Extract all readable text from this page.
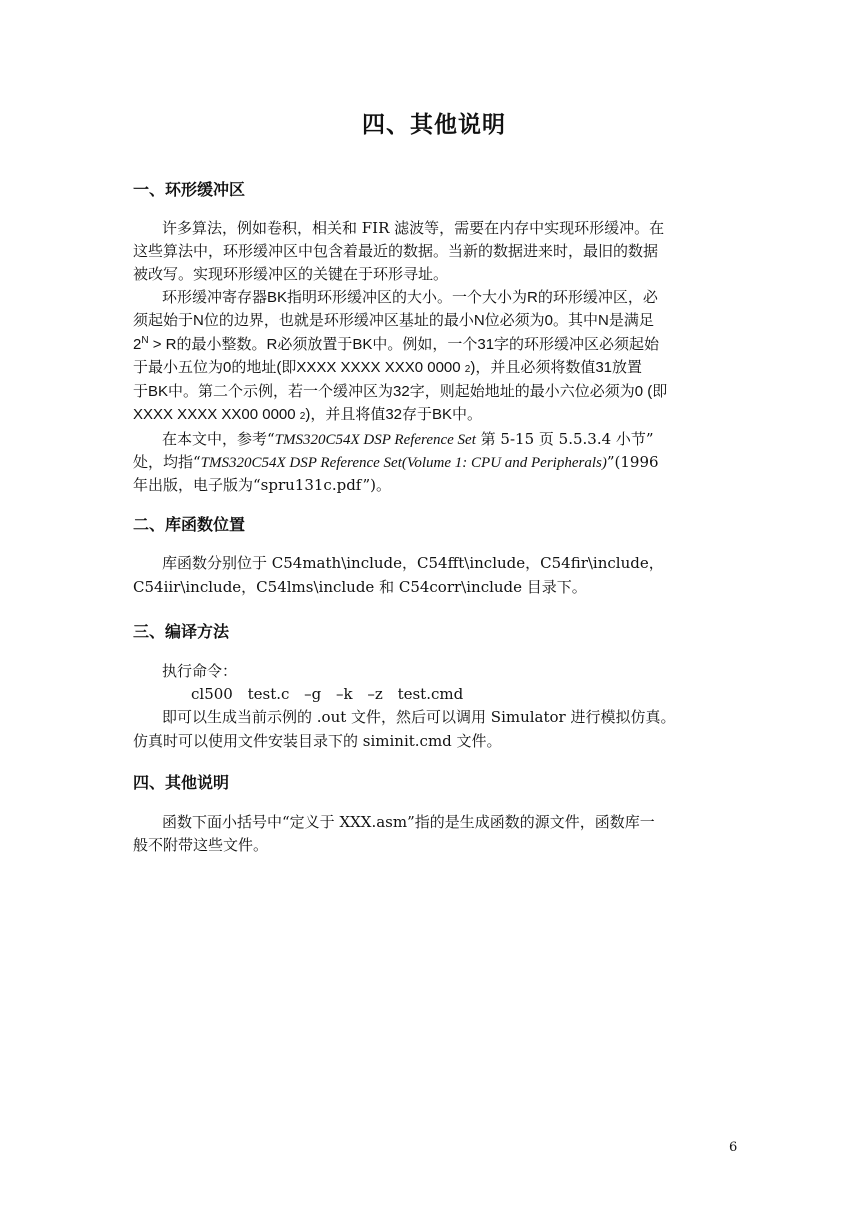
四、其他说明
一、环形缓冲区
许多算法，例如卷积，相关和 FIR 滤波等，需要在内存中实现环形缓冲。在
这些算法中，环形缓冲区中包含着最近的数据。当新的数据进来时，最旧的数据
被改写。实现环形缓冲区的关键在于环形寻址。
环形缓冲寄存器BK指明环形缓冲区的大小。一个大小为R的环形缓冲区，必
须起始于N位的边界，也就是环形缓冲区基址的最小N位必须为0。其中N是满足
$2^N > R$的最小整数。R必须放置于BK中。例如，一个31字的环形缓冲区必须起始
于最小五位为0的地址(即XXXX XXXX XXX0 0000 2)，并且必须将数值31放置
于BK中。第二个示例，若一个缓冲区为32字，则起始地址的最小六位必须为0 (即
XXXX XXXX XX00 0000 2)，并且将值32存于BK中。
在本文中，参考“TMS320C54X DSP Reference Set 第 5-15 页 5.5.3.4 小节”
处，均指“TMS320C54X DSP Reference Set(Volume 1: CPU and Peripherals)”(1996
年出版，电子版为“spru131c.pdf”)。
二、库函数位置
库函数分别位于 C54math\include，C54fft\include，C54fir\include，
C54iir\include，C54lms\include 和 C54corr\include 目录下。
三、编译方法
执行命令：
cl500 test.c –g –k –z test.cmd
即可以生成当前示例的 .out 文件，然后可以调用 Simulator 进行模拟仿真。
仿真时可以使用文件安装目录下的 siminit.cmd 文件。
四、其他说明
函数下面小括号中“定义于 XXX.asm”指的是生成函数的源文件，函数库一
般不附带这些文件。
6
